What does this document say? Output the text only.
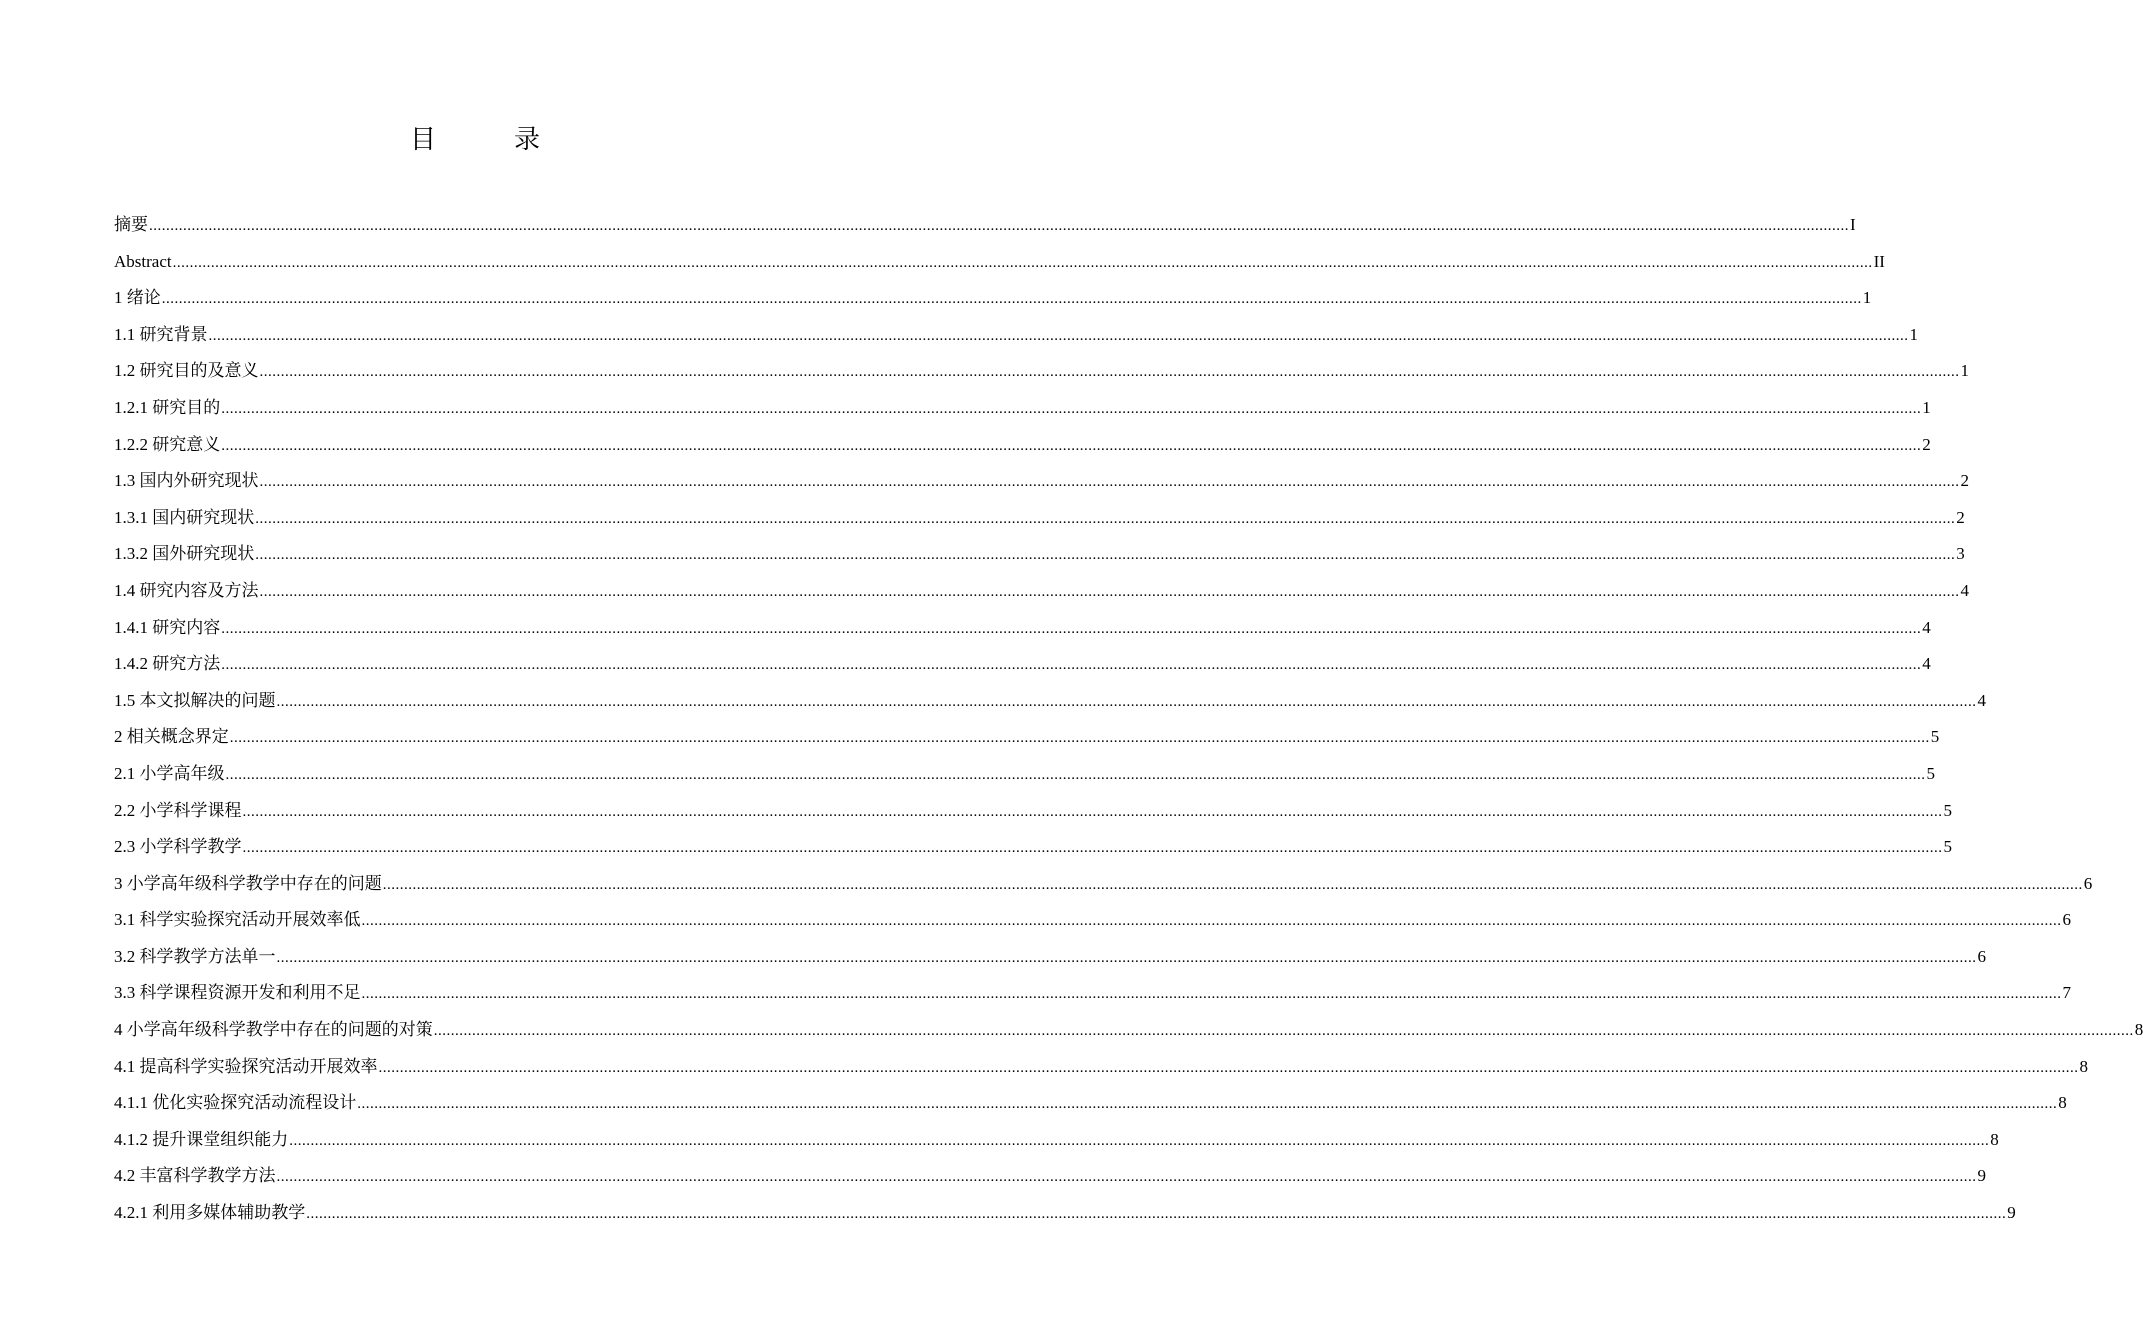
目　录
摘要 ................................................................................................................................................................................................................................................................................................................................................................................................................ I
Abstract ................................................................................................................................................................................................................................................................................................................................................................................................................ II
1 绪论 ................................................................................................................................................................................................................................................................................................................................................................................................................ 1
1.1 研究背景 ................................................................................................................................................................................................................................................................................................................................................................................................................ 1
1.2 研究目的及意义 ................................................................................................................................................................................................................................................................................................................................................................................................................ 1
1.2.1 研究目的 ................................................................................................................................................................................................................................................................................................................................................................................................................ 1
1.2.2 研究意义 ................................................................................................................................................................................................................................................................................................................................................................................................................ 2
1.3 国内外研究现状 ................................................................................................................................................................................................................................................................................................................................................................................................................ 2
1.3.1 国内研究现状 ................................................................................................................................................................................................................................................................................................................................................................................................................ 2
1.3.2 国外研究现状 ................................................................................................................................................................................................................................................................................................................................................................................................................ 3
1.4 研究内容及方法 ................................................................................................................................................................................................................................................................................................................................................................................................................ 4
1.4.1 研究内容 ................................................................................................................................................................................................................................................................................................................................................................................................................ 4
1.4.2 研究方法 ................................................................................................................................................................................................................................................................................................................................................................................................................ 4
1.5 本文拟解决的问题 ................................................................................................................................................................................................................................................................................................................................................................................................................ 4
2 相关概念界定 ................................................................................................................................................................................................................................................................................................................................................................................................................ 5
2.1 小学高年级 ................................................................................................................................................................................................................................................................................................................................................................................................................ 5
2.2 小学科学课程 ................................................................................................................................................................................................................................................................................................................................................................................................................ 5
2.3 小学科学教学 ................................................................................................................................................................................................................................................................................................................................................................................................................ 5
3 小学高年级科学教学中存在的问题 ................................................................................................................................................................................................................................................................................................................................................................................................................ 6
3.1 科学实验探究活动开展效率低 ................................................................................................................................................................................................................................................................................................................................................................................................................ 6
3.2 科学教学方法单一 ................................................................................................................................................................................................................................................................................................................................................................................................................ 6
3.3 科学课程资源开发和利用不足 ................................................................................................................................................................................................................................................................................................................................................................................................................ 7
4 小学高年级科学教学中存在的问题的对策 ................................................................................................................................................................................................................................................................................................................................................................................................................ 8
4.1 提高科学实验探究活动开展效率 ................................................................................................................................................................................................................................................................................................................................................................................................................ 8
4.1.1 优化实验探究活动流程设计 ................................................................................................................................................................................................................................................................................................................................................................................................................ 8
4.1.2 提升课堂组织能力 ................................................................................................................................................................................................................................................................................................................................................................................................................ 8
4.2 丰富科学教学方法 ................................................................................................................................................................................................................................................................................................................................................................................................................ 9
4.2.1 利用多媒体辅助教学 ................................................................................................................................................................................................................................................................................................................................................................................................................ 9
